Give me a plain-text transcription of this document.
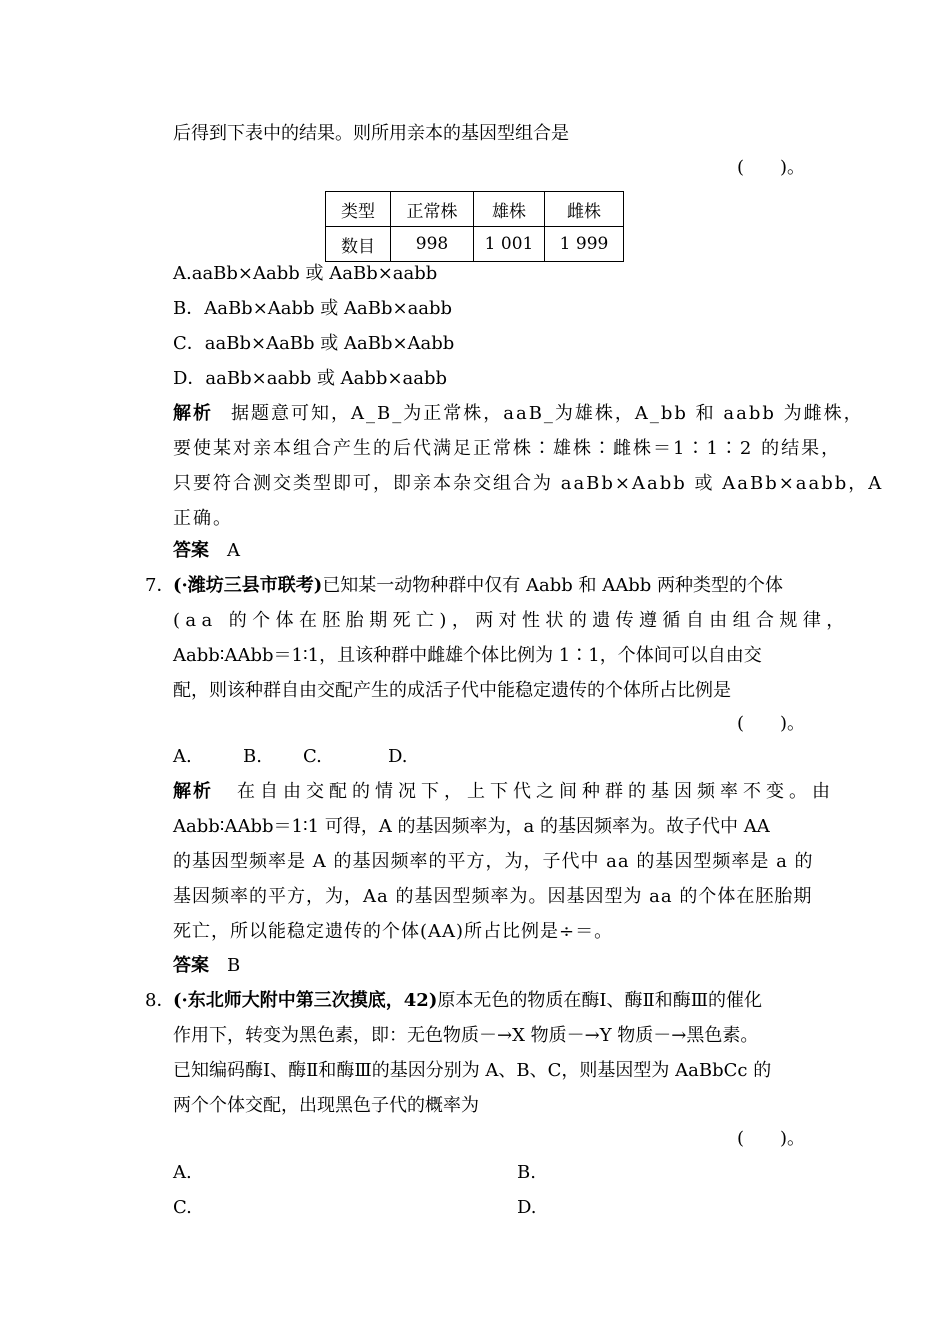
后得到下表中的结果。则所用亲本的基因型组合是
(　　)。
类型	正常株	雄株	雌株
数目	998	1 001	1 999
A.aaBb×Aabb 或 AaBb×aabb
B．AaBb×Aabb 或 AaBb×aabb
C．aaBb×AaBb 或 AaBb×Aabb
D．aaBb×aabb 或 Aabb×aabb
解析 据题意可知，A_B_为正常株，aaB_为雄株，A_bb 和 aabb 为雌株，
要使某对亲本组合产生的后代满足正常株∶雄株∶雌株＝1∶1∶2 的结果，
只要符合测交类型即可，即亲本杂交组合为 aaBb×Aabb 或 AaBb×aabb，A
正确。
答案 A
7．
(·潍坊三县市联考)已知某一动物种群中仅有 Aabb 和 AAbb 两种类型的个体
(aa 的个体在胚胎期死亡)，两对性状的遗传遵循自由组合规律，
Aabb∶AAbb＝1∶1，且该种群中雌雄个体比例为 1∶1，个体间可以自由交
配，则该种群自由交配产生的成活子代中能稳定遗传的个体所占比例是
(　　)。
A.	B. C.	D.
解析 在自由交配的情况下，上下代之间种群的基因频率不变。由
Aabb∶AAbb＝1∶1 可得，A 的基因频率为，a 的基因频率为。故子代中 AA
的基因型频率是 A 的基因频率的平方，为，子代中 aa 的基因型频率是 a 的
基因频率的平方，为，Aa 的基因型频率为。因基因型为 aa 的个体在胚胎期
死亡，所以能稳定遗传的个体(AA)所占比例是÷＝。
答案 B
8．
(·东北师大附中第三次摸底，42)原本无色的物质在酶Ⅰ、酶Ⅱ和酶Ⅲ的催化
作用下，转变为黑色素，即：无色物质－→X 物质－→Y 物质－→黑色素。
已知编码酶Ⅰ、酶Ⅱ和酶Ⅲ的基因分别为 A、B、C，则基因型为 AaBbCc 的
两个个体交配，出现黑色子代的概率为
(　　)。
A.	B.
C.	D.
